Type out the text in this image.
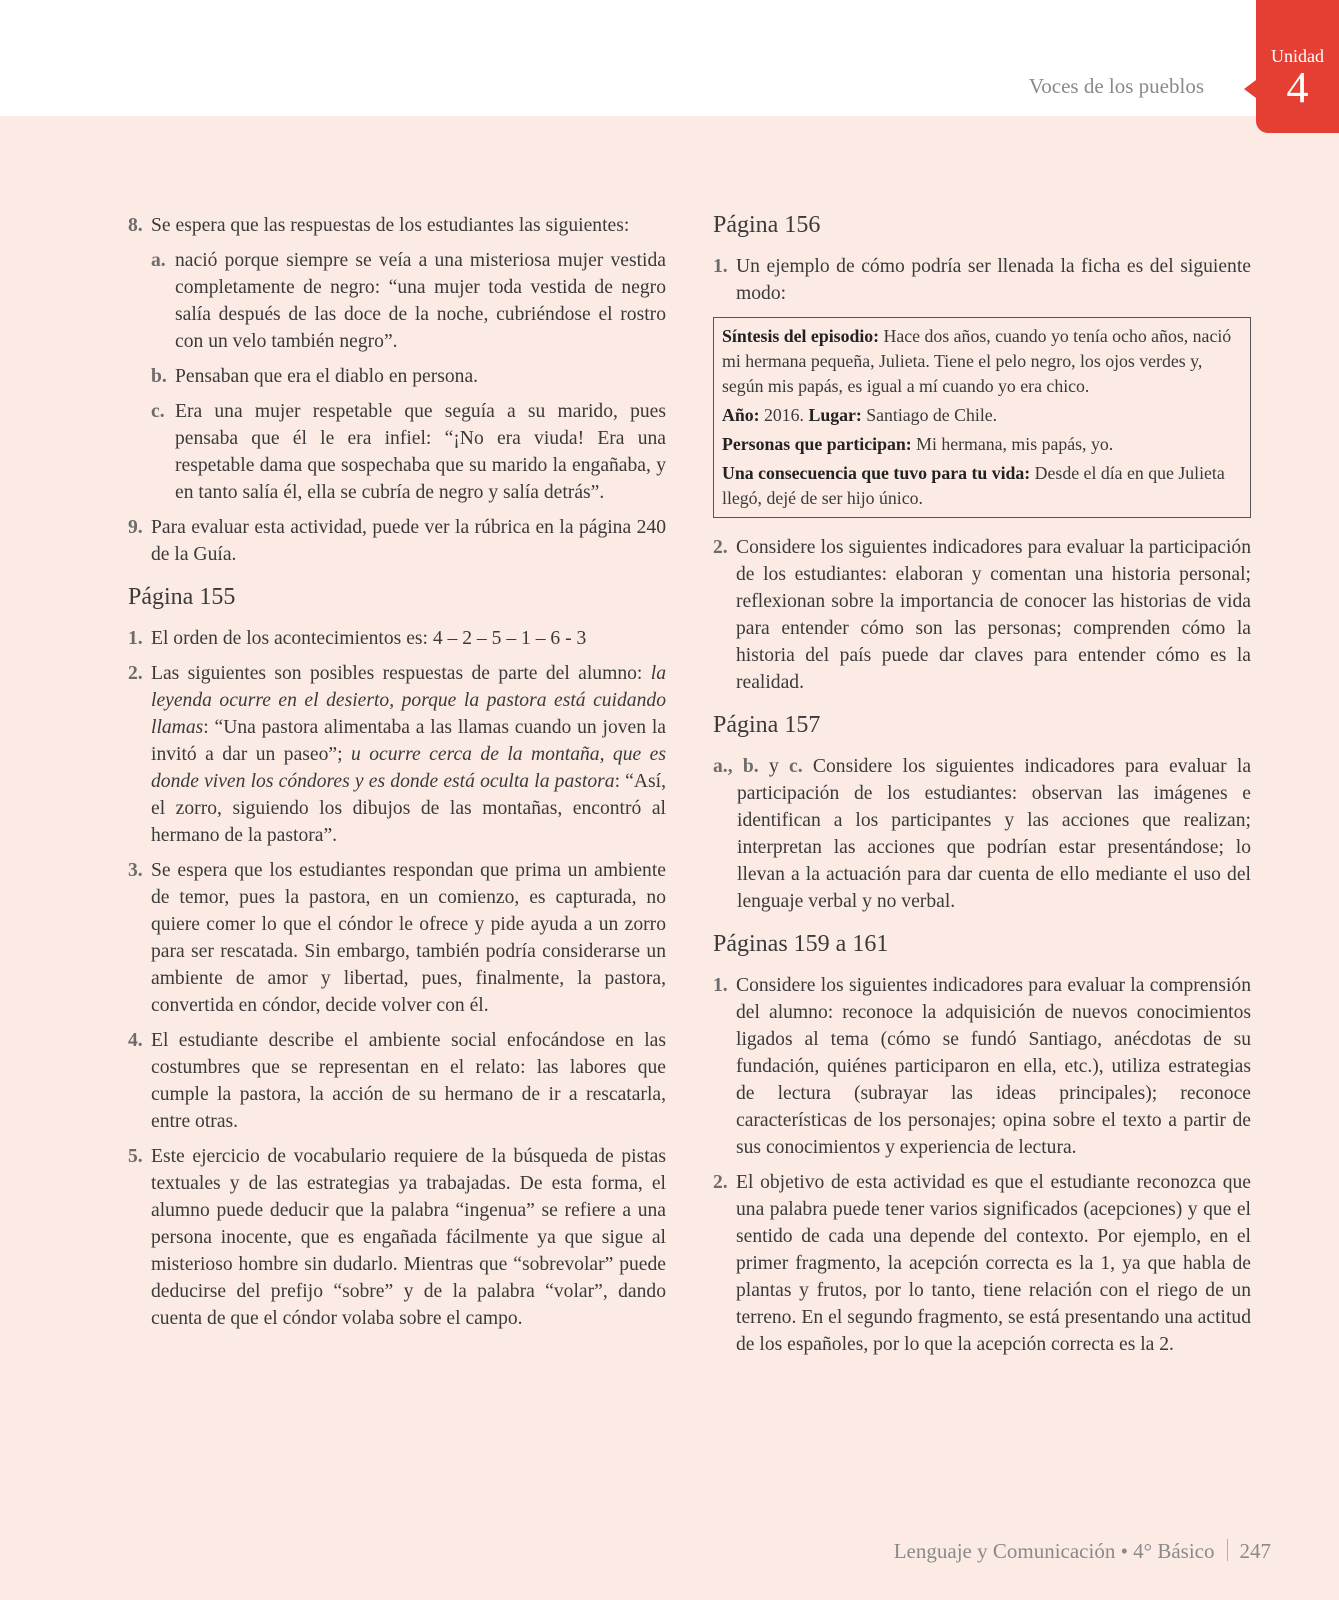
Voces de los pueblos
Unidad
4
8. Se espera que las respuestas de los estudiantes las siguientes:
a. nació porque siempre se veía a una misteriosa mujer vestida completamente de negro: “una mujer toda vestida de negro salía después de las doce de la noche, cubriéndose el rostro con un velo también negro”.
b. Pensaban que era el diablo en persona.
c. Era una mujer respetable que seguía a su marido, pues pensaba que él le era infiel: “¡No era viuda! Era una respetable dama que sospechaba que su marido la engañaba, y en tanto salía él, ella se cubría de negro y salía detrás”.
9. Para evaluar esta actividad, puede ver la rúbrica en la página 240 de la Guía.
Página 155
1. El orden de los acontecimientos es: 4 – 2 – 5 – 1 – 6 - 3
2. Las siguientes son posibles respuestas de parte del alumno: la leyenda ocurre en el desierto, porque la pastora está cuidando llamas: “Una pastora alimentaba a las llamas cuando un joven la invitó a dar un paseo”; u ocurre cerca de la montaña, que es donde viven los cóndores y es donde está oculta la pastora: “Así, el zorro, siguiendo los dibujos de las montañas, encontró al hermano de la pastora”.
3. Se espera que los estudiantes respondan que prima un ambiente de temor, pues la pastora, en un comienzo, es capturada, no quiere comer lo que el cóndor le ofrece y pide ayuda a un zorro para ser rescatada. Sin embargo, también podría considerarse un ambiente de amor y libertad, pues, finalmente, la pastora, convertida en cóndor, decide volver con él.
4. El estudiante describe el ambiente social enfocándose en las costumbres que se representan en el relato: las labores que cumple la pastora, la acción de su hermano de ir a rescatarla, entre otras.
5. Este ejercicio de vocabulario requiere de la búsqueda de pistas textuales y de las estrategias ya trabajadas. De esta forma, el alumno puede deducir que la palabra “ingenua” se refiere a una persona inocente, que es engañada fácilmente ya que sigue al misterioso hombre sin dudarlo. Mientras que “sobrevolar” puede deducirse del prefijo “sobre” y de la palabra “volar”, dando cuenta de que el cóndor volaba sobre el campo.
Página 156
1. Un ejemplo de cómo podría ser llenada la ficha es del siguiente modo:

Síntesis del episodio: Hace dos años, cuando yo tenía ocho años, nació mi hermana pequeña, Julieta. Tiene el pelo negro, los ojos verdes y, según mis papás, es igual a mí cuando yo era chico.

Año: 2016. Lugar: Santiago de Chile.

Personas que participan: Mi hermana, mis papás, yo.

Una consecuencia que tuvo para tu vida: Desde el día en que Julieta llegó, dejé de ser hijo único.

2. Considere los siguientes indicadores para evaluar la participación de los estudiantes: elaboran y comentan una historia personal; reflexionan sobre la importancia de conocer las historias de vida para entender cómo son las personas; comprenden cómo la historia del país puede dar claves para entender cómo es la realidad.
Página 157
a., b. y c. Considere los siguientes indicadores para evaluar la participación de los estudiantes: observan las imágenes e identifican a los participantes y las acciones que realizan; interpretan las acciones que podrían estar presentándose; lo llevan a la actuación para dar cuenta de ello mediante el uso del lenguaje verbal y no verbal.
Páginas 159 a 161
1. Considere los siguientes indicadores para evaluar la comprensión del alumno: reconoce la adquisición de nuevos conocimientos ligados al tema (cómo se fundó Santiago, anécdotas de su fundación, quiénes participaron en ella, etc.), utiliza estrategias de lectura (subrayar las ideas principales); reconoce características de los personajes; opina sobre el texto a partir de sus conocimientos y experiencia de lectura.
2. El objetivo de esta actividad es que el estudiante reconozca que una palabra puede tener varios significados (acepciones) y que el sentido de cada una depende del contexto. Por ejemplo, en el primer fragmento, la acepción correcta es la 1, ya que habla de plantas y frutos, por lo tanto, tiene relación con el riego de un terreno. En el segundo fragmento, se está presentando una actitud de los españoles, por lo que la acepción correcta es la 2.
Lenguaje y Comunicación • 4° Básico 247
